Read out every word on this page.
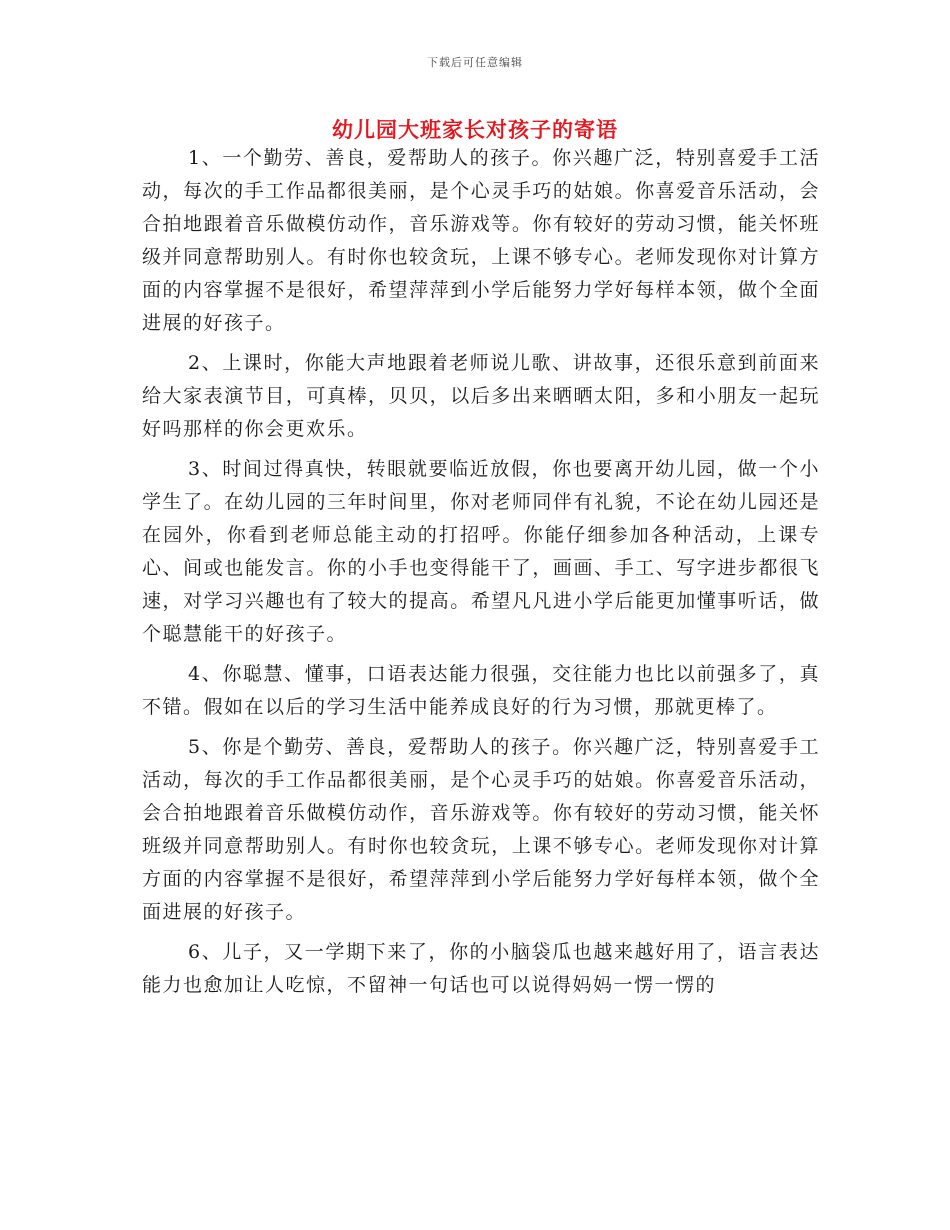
下载后可任意编辑
幼儿园大班家长对孩子的寄语

1、一个勤劳、善良，爱帮助人的孩子。你兴趣广泛，特别喜爱手工活动，每次的手工作品都很美丽，是个心灵手巧的姑娘。你喜爱音乐活动，会合拍地跟着音乐做模仿动作，音乐游戏等。你有较好的劳动习惯，能关怀班级并同意帮助别人。有时你也较贪玩，上课不够专心。老师发现你对计算方面的内容掌握不是很好，希望萍萍到小学后能努力学好每样本领，做个全面进展的好孩子。

2、上课时，你能大声地跟着老师说儿歌、讲故事，还很乐意到前面来给大家表演节目，可真棒，贝贝，以后多出来晒晒太阳，多和小朋友一起玩好吗那样的你会更欢乐。

3、时间过得真快，转眼就要临近放假，你也要离开幼儿园，做一个小学生了。在幼儿园的三年时间里，你对老师同伴有礼貌，不论在幼儿园还是在园外，你看到老师总能主动的打招呼。你能仔细参加各种活动，上课专心、间或也能发言。你的小手也变得能干了，画画、手工、写字进步都很飞速，对学习兴趣也有了较大的提高。希望凡凡进小学后能更加懂事听话，做个聪慧能干的好孩子。

4、你聪慧、懂事，口语表达能力很强，交往能力也比以前强多了，真不错。假如在以后的学习生活中能养成良好的行为习惯，那就更棒了。

5、你是个勤劳、善良，爱帮助人的孩子。你兴趣广泛，特别喜爱手工活动，每次的手工作品都很美丽，是个心灵手巧的姑娘。你喜爱音乐活动，会合拍地跟着音乐做模仿动作，音乐游戏等。你有较好的劳动习惯，能关怀班级并同意帮助别人。有时你也较贪玩，上课不够专心。老师发现你对计算方面的内容掌握不是很好，希望萍萍到小学后能努力学好每样本领，做个全面进展的好孩子。

6、儿子，又一学期下来了，你的小脑袋瓜也越来越好用了，语言表达能力也愈加让人吃惊，不留神一句话也可以说得妈妈一愣一愣的
